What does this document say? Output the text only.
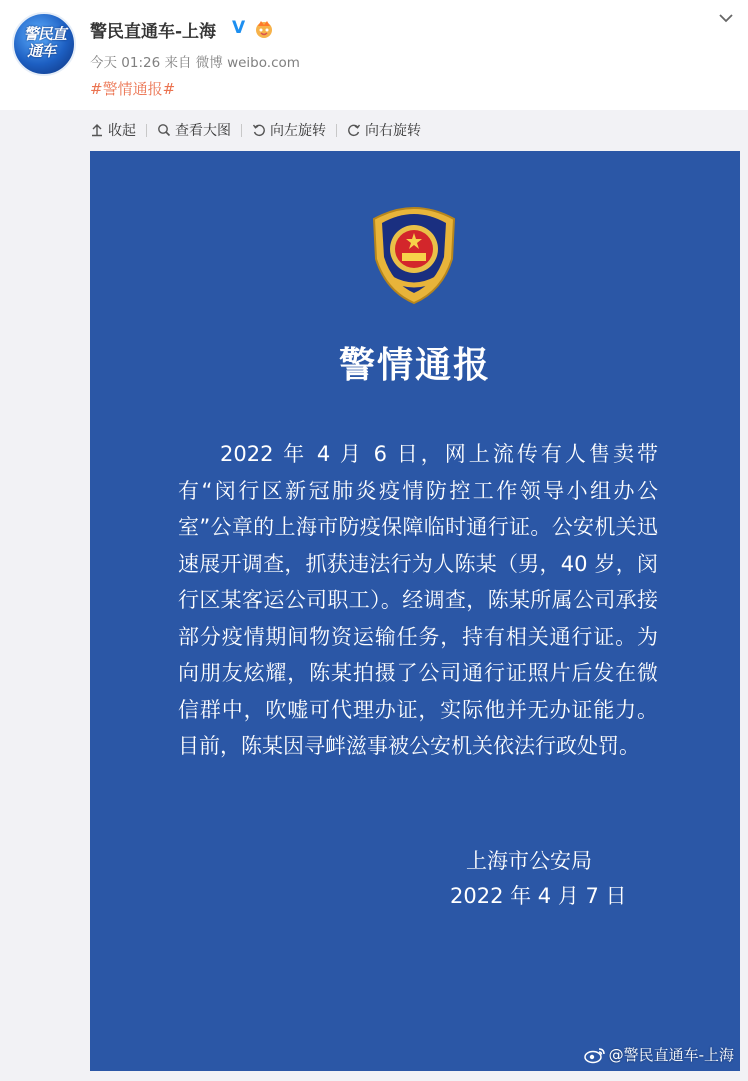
警民直通车
警民直通车-上海 V
今天 01:26 来自 微博 weibo.com
#警情通报#
收起	查看大图	向左旋转	向右旋转
警情通报
2022 年 4 月 6 日，网上流传有人售卖带有“闵行区新冠肺炎疫情防控工作领导小组办公室”公章的上海市防疫保障临时通行证。公安机关迅速展开调查，抓获违法行为人陈某（男，40 岁，闵行区某客运公司职工）。经调查，陈某所属公司承接部分疫情期间物资运输任务，持有相关通行证。为向朋友炫耀，陈某拍摄了公司通行证照片后发在微信群中，吹嘘可代理办证，实际他并无办证能力。目前，陈某因寻衅滋事被公安机关依法行政处罚。
上海市公安局
2022 年 4 月 7 日
@警民直通车-上海
